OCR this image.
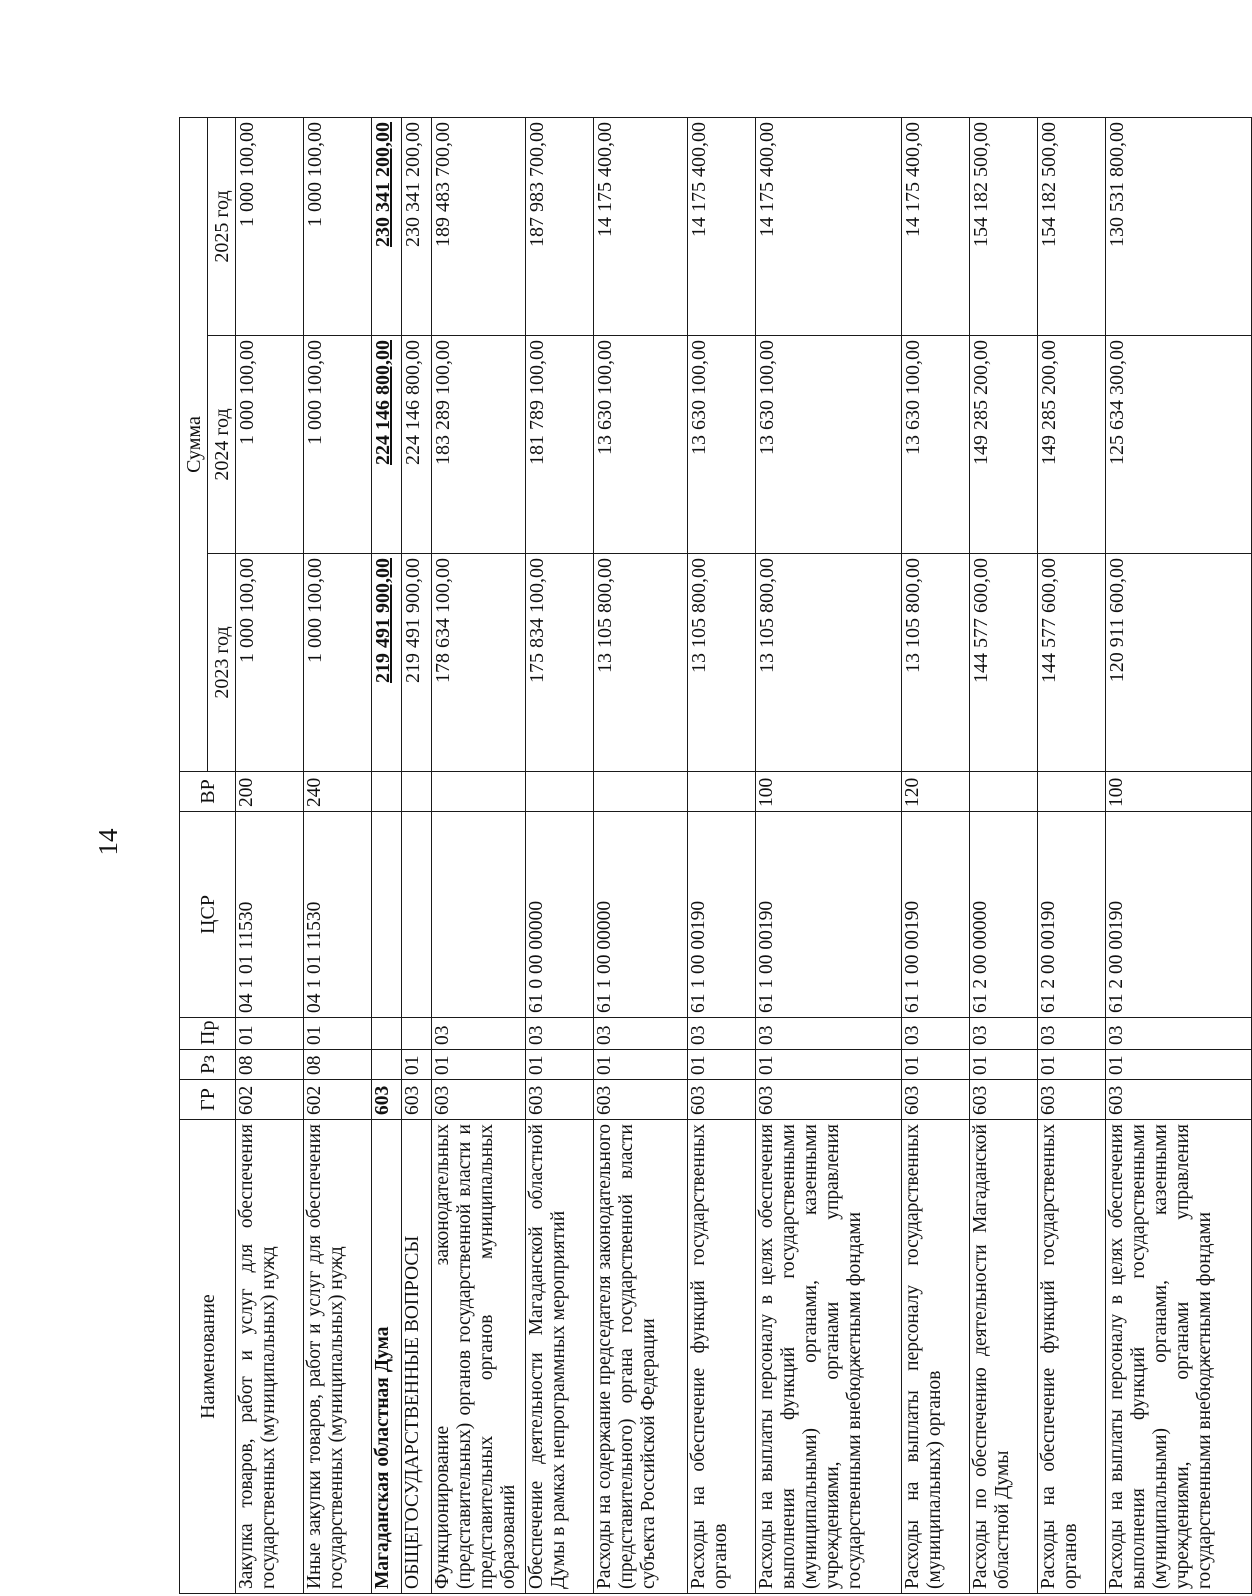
14
Наименование	ГР	Рз	Пр	ЦСР	ВР	Сумма		
						2023 год	2024 год	2025 год
Закупка товаров, работ и услуг для обеспечения государственных (муниципальных) нужд	602	08	01	04 1 01 11530	200	1 000 100,00	1 000 100,00	1 000 100,00
Иные закупки товаров, работ и услуг для обеспечения государственных (муниципальных) нужд	602	08	01	04 1 01 11530	240	1 000 100,00	1 000 100,00	1 000 100,00
Магаданская областная Дума	603					219 491 900,00	224 146 800,00	230 341 200,00
ОБЩЕГОСУДАРСТВЕННЫЕ ВОПРОСЫ	603	01				219 491 900,00	224 146 800,00	230 341 200,00
Функционирование законодательных (представительных) органов государственной власти и представительных органов муниципальных образований	603	01	03			178 634 100,00	183 289 100,00	189 483 700,00
Обеспечение деятельности Магаданской областной Думы в рамках непрограммных мероприятий	603	01	03	61 0 00 00000		175 834 100,00	181 789 100,00	187 983 700,00
Расходы на содержание председателя законодательного (представительного) органа государственной власти субъекта Российской Федерации	603	01	03	61 1 00 00000		13 105 800,00	13 630 100,00	14 175 400,00
Расходы на обеспечение функций государственных органов	603	01	03	61 1 00 00190		13 105 800,00	13 630 100,00	14 175 400,00
Расходы на выплаты персоналу в целях обеспечения выполнения функций государственными (муниципальными) органами, казенными учреждениями, органами управления государственными внебюджетными фондами	603	01	03	61 1 00 00190	100	13 105 800,00	13 630 100,00	14 175 400,00
Расходы на выплаты персоналу государственных (муниципальных) органов	603	01	03	61 1 00 00190	120	13 105 800,00	13 630 100,00	14 175 400,00
Расходы по обеспечению деятельности Магаданской областной Думы	603	01	03	61 2 00 00000		144 577 600,00	149 285 200,00	154 182 500,00
Расходы на обеспечение функций государственных органов	603	01	03	61 2 00 00190		144 577 600,00	149 285 200,00	154 182 500,00
Расходы на выплаты персоналу в целях обеспечения выполнения функций государственными (муниципальными) органами, казенными учреждениями, органами управления государственными внебюджетными фондами	603	01	03	61 2 00 00190	100	120 911 600,00	125 634 300,00	130 531 800,00
